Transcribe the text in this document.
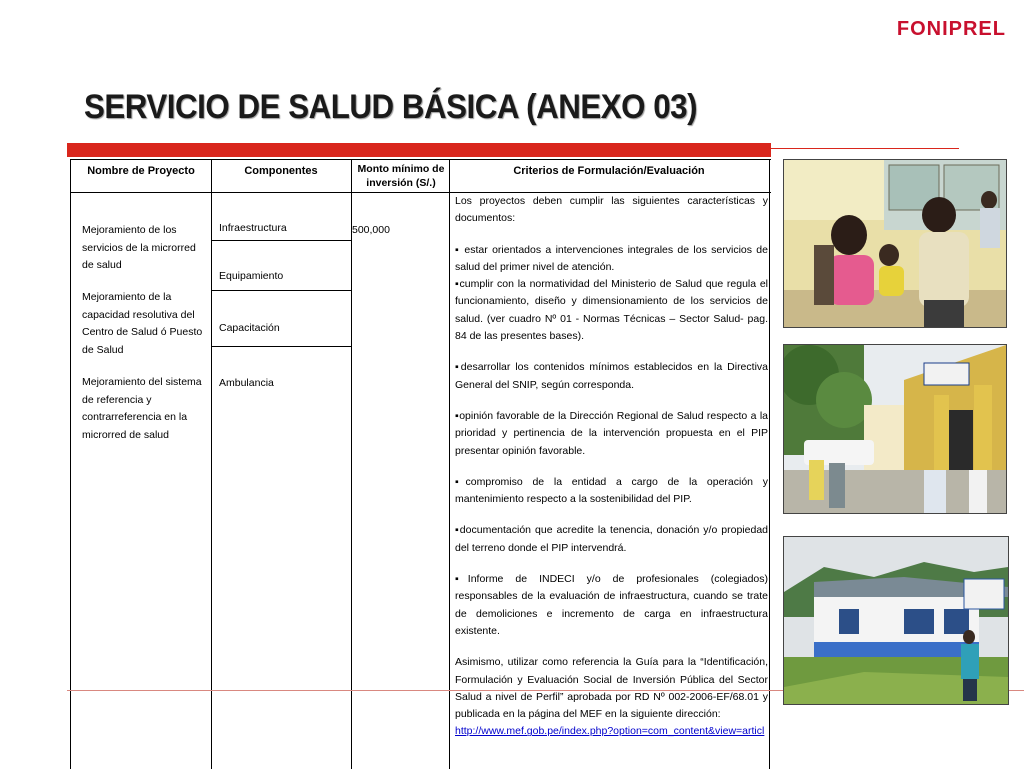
FONIPREL
SERVICIO DE SALUD BÁSICA (ANEXO 03)
Nombre de Proyecto	Componentes	Monto mínimo de inversión (S/.)
Criterios de Formulación/Evaluación
Mejoramiento de los servicios de la microrred de salud
Mejoramiento de la capacidad resolutiva del Centro de Salud ó Puesto de Salud
Mejoramiento del sistema de referencia y contrarreferencia en la microrred de salud
Infraestructura
Equipamiento
Capacitación
Ambulancia
500,000

Los proyectos deben cumplir las siguientes características y documentos:

▪ estar orientados a intervenciones integrales de los servicios de salud del primer nivel de atención.

▪cumplir con la normatividad del Ministerio de Salud que regula el funcionamiento, diseño y dimensionamiento de los servicios de salud. (ver cuadro Nº 01 - Normas Técnicas – Sector Salud- pag. 84 de las presentes bases).

▪desarrollar los contenidos mínimos establecidos en la Directiva General del SNIP, según corresponda.

▪opinión favorable de la Dirección Regional de Salud respecto a la prioridad y pertinencia de la intervención propuesta en el PIP presentar opinión favorable.

▪compromiso de la entidad a cargo de la operación y mantenimiento respecto a la sostenibilidad del PIP.

▪documentación que acredite la tenencia, donación y/o propiedad del terreno donde el PIP intervendrá.

▪Informe de INDECI y/o de profesionales (colegiados) responsables de la evaluación de infraestructura, cuando se trate de demoliciones e incremento de carga en infraestructura existente.

Asimismo, utilizar como referencia la Guía para la “Identificación, Formulación y Evaluación Social de Inversión Pública del Sector Salud a nivel de Perfil” aprobada por RD Nº 002-2006-EF/68.01 y publicada en la página del MEF en la siguiente dirección:

http://www.mef.gob.pe/index.php?option=com_content&view=articl
